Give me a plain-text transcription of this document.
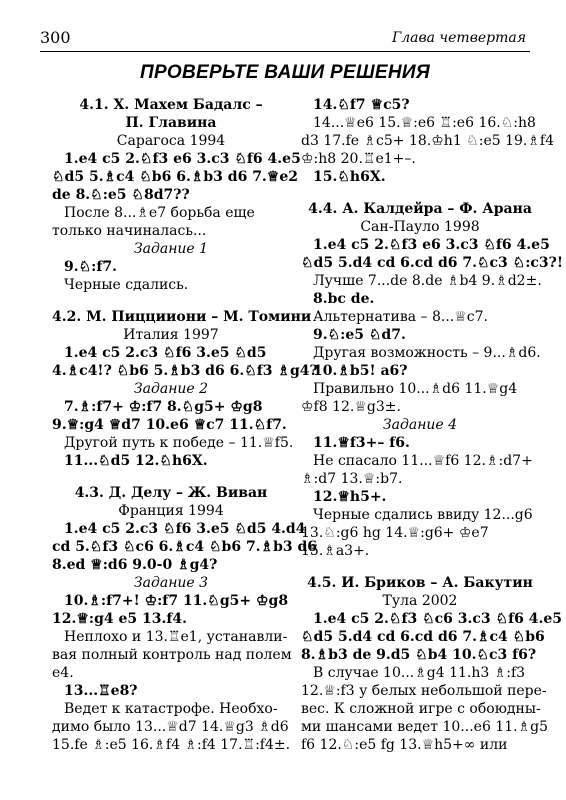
300	Глава четвертая
ПРОВЕРЬТЕ ВАШИ РЕШЕНИЯ
4.1. Х. Махем Бадалс –
П. Главина
Сарагоса 1994
1.e4 c5 2.♘f3 e6 3.c3 ♘f6 4.e5
♘d5 5.♗c4 ♘b6 6.♗b3 d6 7.♕e2
de 8.♘:e5 ♘8d7??
После 8...♗e7 борьба еще
только начиналась...
Задание 1
9.♘:f7.
Черные сдались.
4.2. М. Пиццииони – М. Томини
Италия 1997
1.e4 c5 2.c3 ♘f6 3.e5 ♘d5
4.♗c4!? ♘b6 5.♗b3 d6 6.♘f3 ♗g4?
Задание 2
7.♗:f7+ ♔:f7 8.♘g5+ ♔g8
9.♕:g4 ♕d7 10.e6 ♕c7 11.♘f7.
Другой путь к победе – 11.♕f5.
11...♘d5 12.♘h6X.
4.3. Д. Делу – Ж. Виван
Франция 1994
1.e4 c5 2.c3 ♘f6 3.e5 ♘d5 4.d4
cd 5.♘f3 ♘c6 6.♗c4 ♘b6 7.♗b3 d6
8.ed ♕:d6 9.0-0 ♗g4?
Задание 3
10.♗:f7+! ♔:f7 11.♘g5+ ♔g8
12.♕:g4 e5 13.f4.
Неплохо и 13.♖e1, устанавли-
вая полный контроль над полем
e4.
13...♖e8?
Ведет к катастрофе. Необхо-
димо было 13...♕d7 14.♕g3 ♗d6
15.fe ♗:e5 16.♗f4 ♗:f4 17.♖:f4±.
14.♘f7 ♕c5?
14...♕e6 15.♕:e6 ♖:e6 16.♘:h8
d3 17.fe ♗c5+ 18.♔h1 ♘:e5 19.♗f4
♔:h8 20.♖e1+–.
15.♘h6X.
4.4. А. Калдейра – Ф. Арана
Сан-Пауло 1998
1.e4 c5 2.♘f3 e6 3.c3 ♘f6 4.e5
♘d5 5.d4 cd 6.cd d6 7.♘c3 ♘:c3?!
Лучше 7...de 8.de ♗b4 9.♗d2±.
8.bc de.
Альтернатива – 8...♕c7.
9.♘:e5 ♘d7.
Другая возможность – 9...♗d6.
10.♗b5! a6?
Правильно 10...♗d6 11.♕g4
♔f8 12.♕g3±.
Задание 4
11.♕f3+– f6.
Не спасало 11...♕f6 12.♗:d7+
♗:d7 13.♕:b7.
12.♕h5+.
Черные сдались ввиду 12...g6
13.♘:g6 hg 14.♕:g6+ ♔e7
15.♗a3+.
4.5. И. Бриков – А. Бакутин
Тула 2002
1.e4 c5 2.♘f3 ♘c6 3.c3 ♘f6 4.e5
♘d5 5.d4 cd 6.cd d6 7.♗c4 ♘b6
8.♗b3 de 9.d5 ♘b4 10.♘c3 f6?
В случае 10...♗g4 11.h3 ♗:f3
12.♕:f3 у белых небольшой пере-
вес. К сложной игре с обоюдны-
ми шансами ведет 10...e6 11.♗g5
f6 12.♘:e5 fg 13.♕h5+∞ или
